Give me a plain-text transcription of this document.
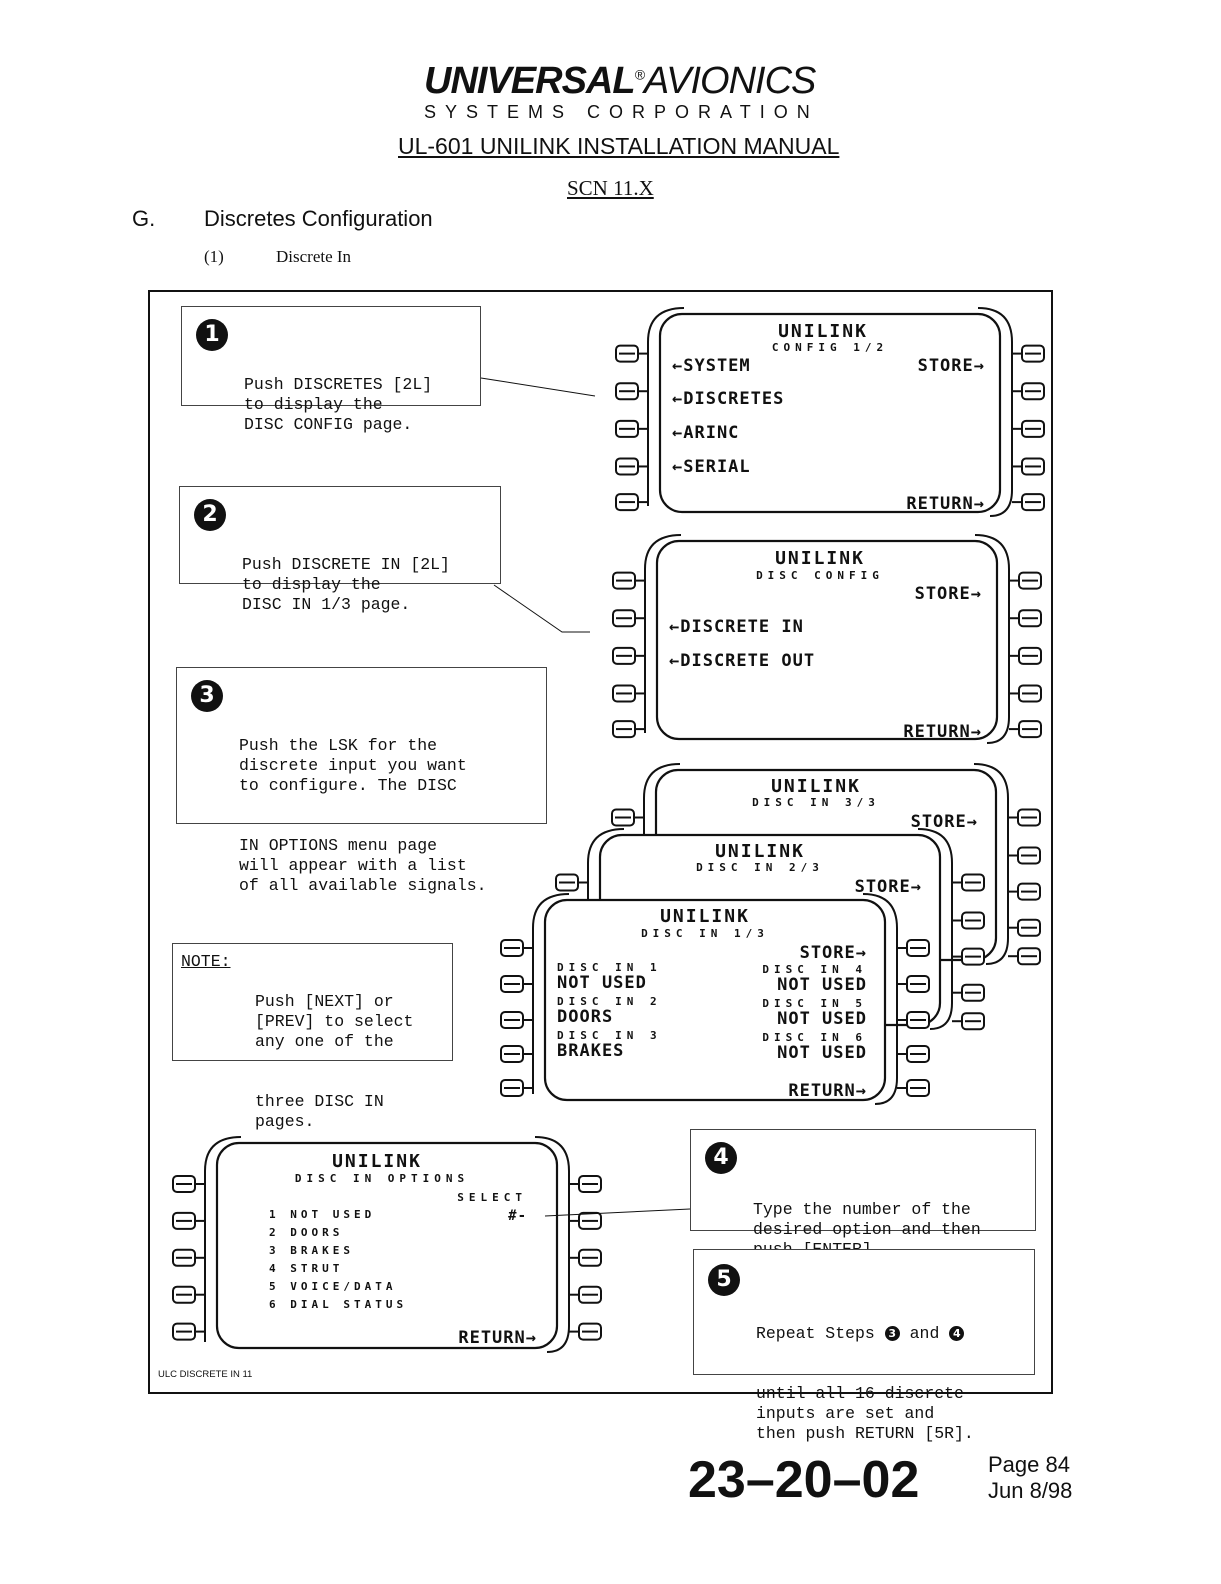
UNIVERSAL®AVIONICS
SYSTEMS CORPORATION
UL-601 UNILINK INSTALLATION MANUAL
SCN 11.X
G. Discretes Configuration
(1)	Discrete In
UNILINK
CONFIG 1/2
←SYSTEM	STORE→
←DISCRETES
←ARINC
←SERIAL
RETURN→
UNILINK
DISC CONFIG
STORE→
←DISCRETE IN
←DISCRETE OUT
RETURN→
UNILINK
DISC IN 3/3
STORE→
UNILINK
DISC IN 2/3
STORE→
UNILINK
DISC IN 1/3
STORE→
DISC IN 1
NOT USED
DISC IN 2
DOORS
DISC IN 3
BRAKES
DISC IN 4
NOT USED
DISC IN 5
NOT USED
DISC IN 6
NOT USED
RETURN→
UNILINK
DISC IN OPTIONS
SELECT
#-
1 NOT USED
2 DOORS
3 BRAKES
4 STRUT
5 VOICE/DATA
6 DIAL STATUS
RETURN→
1

Push DISCRETES [2L]
to display the
DISC CONFIG page.

2

Push DISCRETE IN [2L]
to display the
DISC IN 1/3 page.

3

Push the LSK for the
discrete input you want
to configure. The DISC

IN OPTIONS menu page
will appear with a list
of all available signals.

NOTE:

Push [NEXT] or
[PREV] to select
any one of the

three DISC IN
pages.

4

Type the number of the
desired option and then

5

Repeat Steps 3 and 4

until all 16 discrete
inputs are set and
then push RETURN [5R].

ULC DISCRETE IN 11
23–20–02	Page 84
Jun 8/98
